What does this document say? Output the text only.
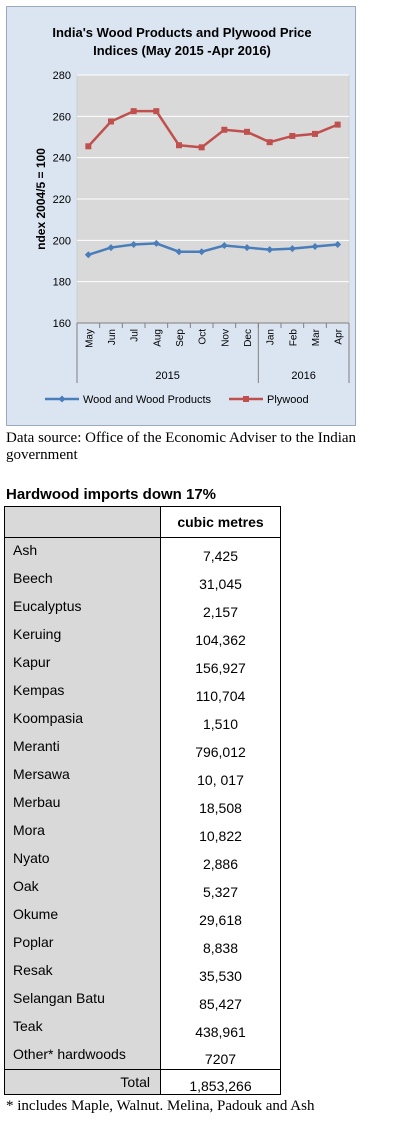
India's Wood Products and Plywood Price
Indices (May 2015 -Apr 2016)
160
180
200
220
240
260
280
ndex 2004/5 = 100
May Jun Jul Aug Sep Oct Nov Dec Jan Feb Mar Apr
2015	2016
Wood and Wood Products	Plywood

Data source: Office of the Economic Adviser to the Indian government

Hardwood imports down 17%

	cubic metres
Ash	7,425
Beech	31,045
Eucalyptus	2,157
Keruing	104,362
Kapur	156,927
Kempas	110,704
Koompasia	1,510
Meranti	796,012
Mersawa	10, 017
Merbau	18,508
Mora	10,822
Nyato	2,886
Oak	5,327
Okume	29,618
Poplar	8,838
Resak	35,530
Selangan Batu	85,427
Teak	438,961
Other* hardwoods	7207
Total	1,853,266

* includes Maple, Walnut. Melina, Padouk and Ash
